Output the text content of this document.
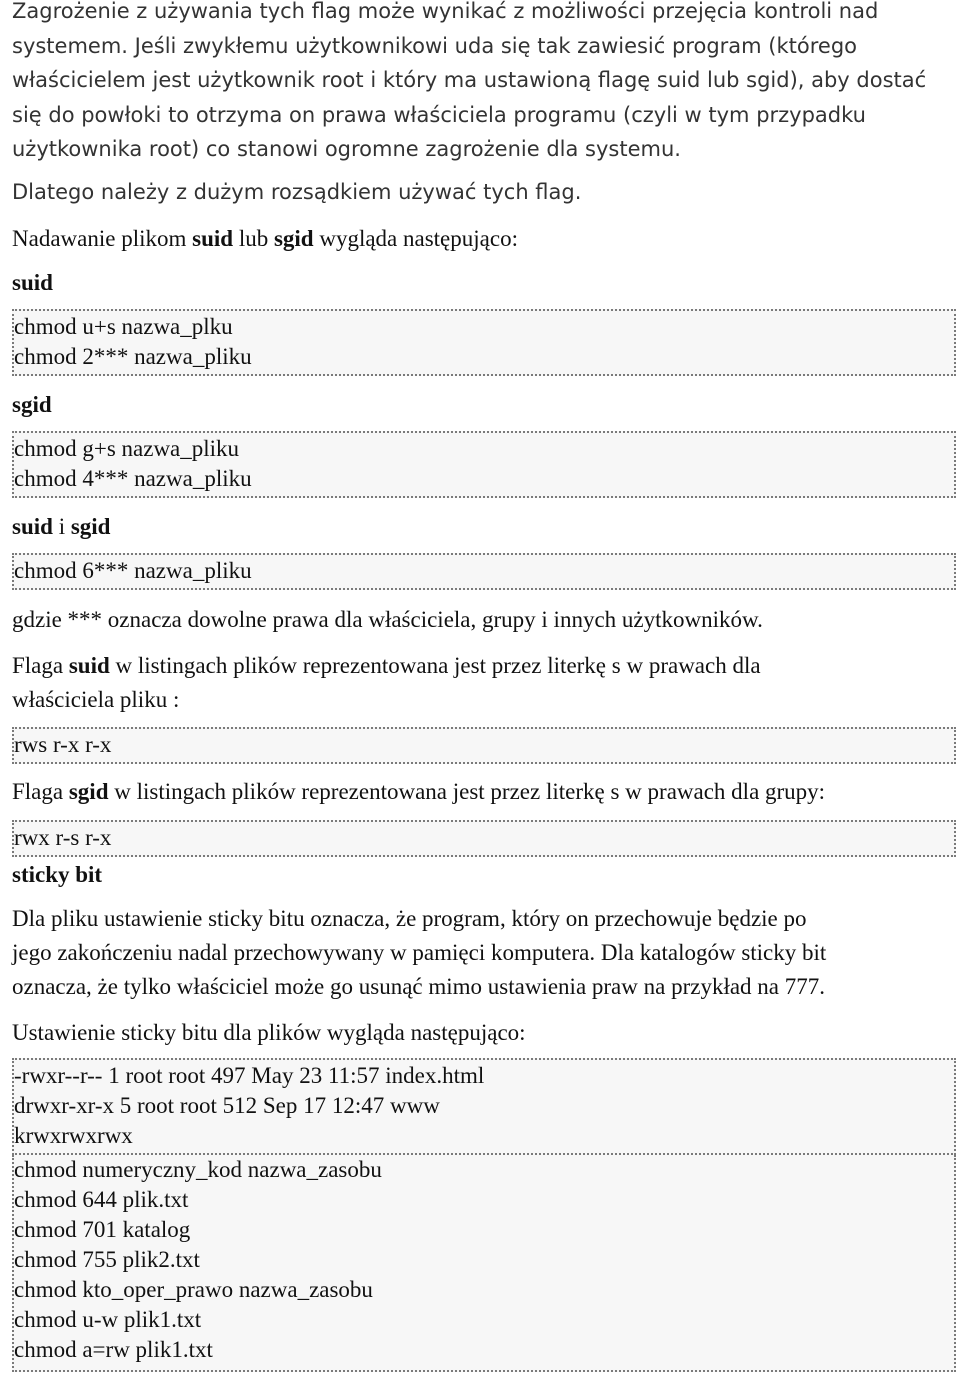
Zagrożenie z używania tych flag może wynikać z możliwości przejęcia kontroli nad
systemem. Jeśli zwykłemu użytkownikowi uda się tak zawiesić program (którego
właścicielem jest użytkownik root i który ma ustawioną flagę suid lub sgid), aby dostać
się do powłoki to otrzyma on prawa właściciela programu (czyli w tym przypadku
użytkownika root) co stanowi ogromne zagrożenie dla systemu.
Dlatego należy z dużym rozsądkiem używać tych flag.
Nadawanie plikom suid lub sgid wygląda następująco:
suid
chmod u+s nazwa_plku
chmod 2*** nazwa_pliku
sgid
chmod g+s nazwa_pliku
chmod 4*** nazwa_pliku
suid i sgid
chmod 6*** nazwa_pliku
gdzie *** oznacza dowolne prawa dla właściciela, grupy i innych użytkowników.
Flaga suid w listingach plików reprezentowana jest przez literkę s w prawach dla
właściciela pliku :
rws r-x r-x
Flaga sgid w listingach plików reprezentowana jest przez literkę s w prawach dla grupy:
rwx r-s r-x
sticky bit
Dla pliku ustawienie sticky bitu oznacza, że program, który on przechowuje będzie po
jego zakończeniu nadal przechowywany w pamięci komputera. Dla katalogów sticky bit
oznacza, że tylko właściciel może go usunąć mimo ustawienia praw na przykład na 777.
Ustawienie sticky bitu dla plików wygląda następująco:
-rwxr--r-- 1 root root 497 May 23 11:57 index.html
drwxr-xr-x 5 root root 512 Sep 17 12:47 www
krwxrwxrwx
chmod numeryczny_kod nazwa_zasobu
chmod 644 plik.txt
chmod 701 katalog
chmod 755 plik2.txt
chmod kto_oper_prawo nazwa_zasobu
chmod u-w plik1.txt
chmod a=rw plik1.txt
